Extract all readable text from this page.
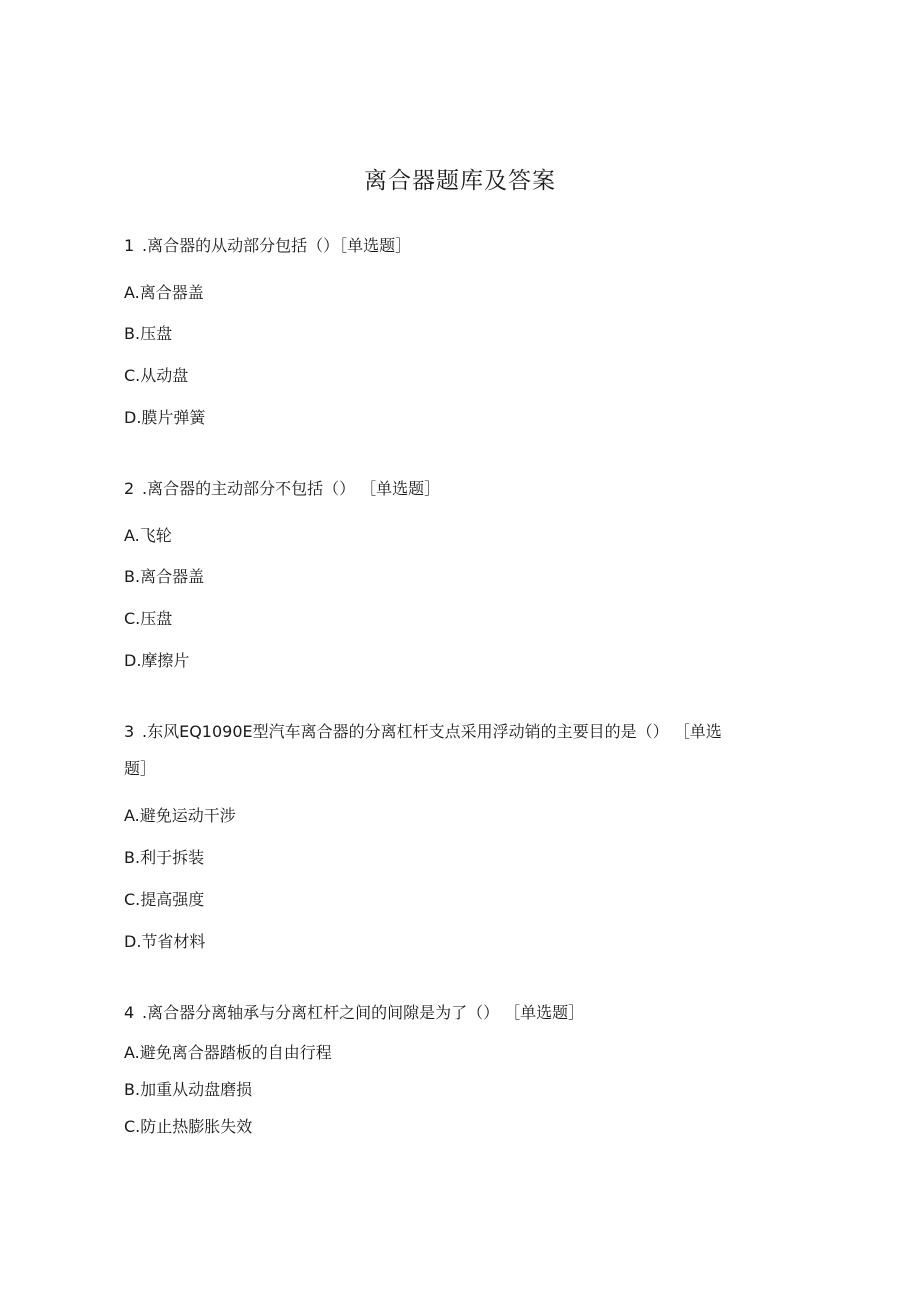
离合器题库及答案
1 .离合器的从动部分包括（）［单选题］
A.离合器盖
B.压盘
C.从动盘
D.膜片弹簧
2 .离合器的主动部分不包括（） ［单选题］
A.飞轮
B.离合器盖
C.压盘
D.摩擦片
3 .东风EQ1090E型汽车离合器的分离杠杆支点采用浮动销的主要目的是（） ［单选
题］
A.避免运动干涉
B.利于拆装
C.提高强度
D.节省材料
4 .离合器分离轴承与分离杠杆之间的间隙是为了（） ［单选题］
A.避免离合器踏板的自由行程
B.加重从动盘磨损
C.防止热膨胀失效
